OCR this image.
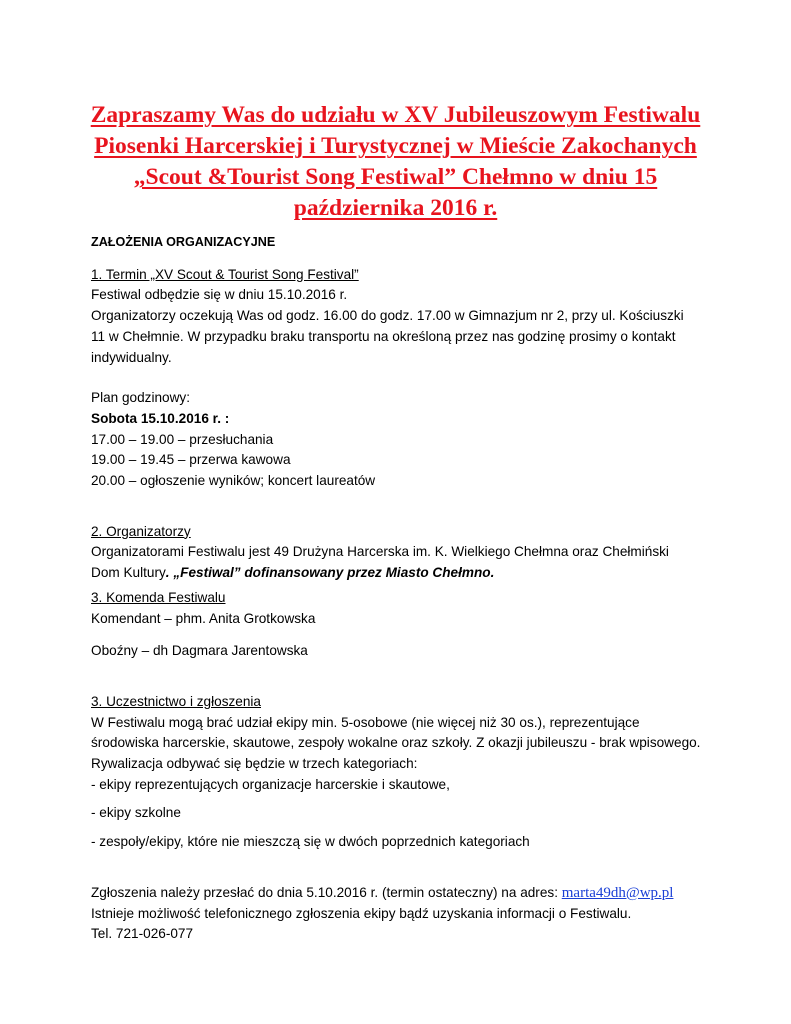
Zapraszamy Was do udziału w XV Jubileuszowym Festiwalu
Piosenki Harcerskiej i Turystycznej w Mieście Zakochanych
„Scout &Tourist Song Festiwal” Chełmno w dniu 15
października 2016 r.
ZAŁOŻENIA ORGANIZACYJNE
1. Termin „XV Scout & Tourist Song Festival”
Festiwal odbędzie się w dniu 15.10.2016 r.
Organizatorzy oczekują Was od godz. 16.00 do godz. 17.00 w Gimnazjum nr 2, przy ul. Kościuszki
11 w Chełmnie. W przypadku braku transportu na określoną przez nas godzinę prosimy o kontakt
indywidualny.
Plan godzinowy:
Sobota 15.10.2016 r. :
17.00 – 19.00 – przesłuchania
19.00 – 19.45 – przerwa kawowa
20.00 – ogłoszenie wyników; koncert laureatów
2. Organizatorzy
Organizatorami Festiwalu jest 49 Drużyna Harcerska im. K. Wielkiego Chełmna oraz Chełmiński
Dom Kultury. „Festiwal” dofinansowany przez Miasto Chełmno.
3. Komenda Festiwalu
Komendant – phm. Anita Grotkowska
Oboźny – dh Dagmara Jarentowska
3. Uczestnictwo i zgłoszenia
W Festiwalu mogą brać udział ekipy min. 5-osobowe (nie więcej niż 30 os.), reprezentujące
środowiska harcerskie, skautowe, zespoły wokalne oraz szkoły. Z okazji jubileuszu - brak wpisowego.
Rywalizacja odbywać się będzie w trzech kategoriach:
- ekipy reprezentujących organizacje harcerskie i skautowe,
- ekipy szkolne
- zespoły/ekipy, które nie mieszczą się w dwóch poprzednich kategoriach
Zgłoszenia należy przesłać do dnia 5.10.2016 r. (termin ostateczny) na adres: marta49dh@wp.pl
Istnieje możliwość telefonicznego zgłoszenia ekipy bądź uzyskania informacji o Festiwalu.
Tel. 721-026-077
